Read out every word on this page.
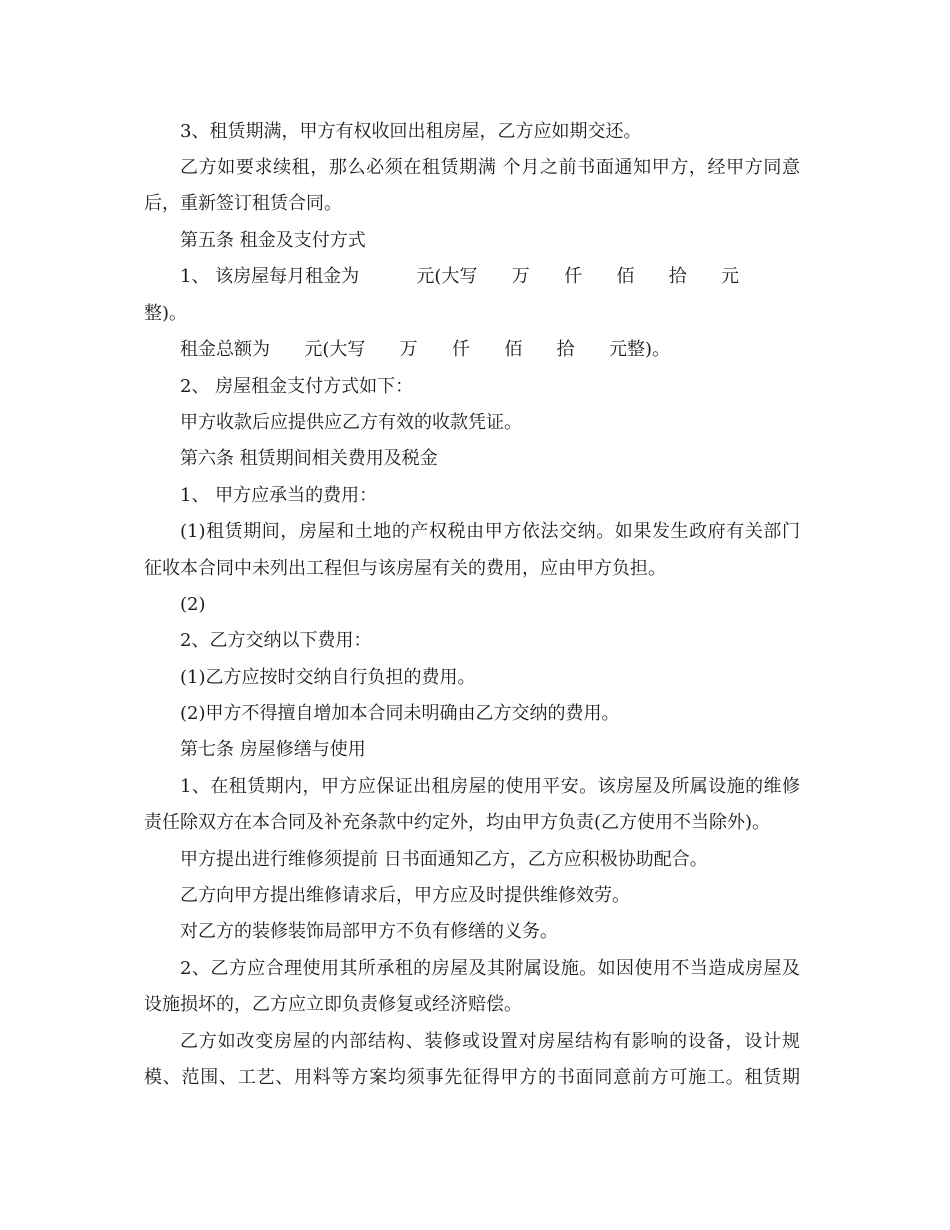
3、租赁期满，甲方有权收回出租房屋，乙方应如期交还。
乙方如要求续租，那么必须在租赁期满 个月之前书面通知甲方，经甲方同意
后，重新签订租赁合同。
第五条 租金及支付方式
1、 该房屋每月租金为          元(大写      万      仟      佰      拾      元
整)。
租金总额为      元(大写      万      仟      佰      拾      元整)。
2、 房屋租金支付方式如下：
甲方收款后应提供应乙方有效的收款凭证。
第六条 租赁期间相关费用及税金
1、 甲方应承当的费用：
(1)租赁期间，房屋和土地的产权税由甲方依法交纳。如果发生政府有关部门
征收本合同中未列出工程但与该房屋有关的费用，应由甲方负担。
(2)
2、乙方交纳以下费用：
(1)乙方应按时交纳自行负担的费用。
(2)甲方不得擅自增加本合同未明确由乙方交纳的费用。
第七条 房屋修缮与使用
1、在租赁期内，甲方应保证出租房屋的使用平安。该房屋及所属设施的维修
责任除双方在本合同及补充条款中约定外，均由甲方负责(乙方使用不当除外)。
甲方提出进行维修须提前 日书面通知乙方，乙方应积极协助配合。
乙方向甲方提出维修请求后，甲方应及时提供维修效劳。
对乙方的装修装饰局部甲方不负有修缮的义务。
2、乙方应合理使用其所承租的房屋及其附属设施。如因使用不当造成房屋及
设施损坏的，乙方应立即负责修复或经济赔偿。
乙方如改变房屋的内部结构、装修或设置对房屋结构有影响的设备，设计规
模、范围、工艺、用料等方案均须事先征得甲方的书面同意前方可施工。租赁期
